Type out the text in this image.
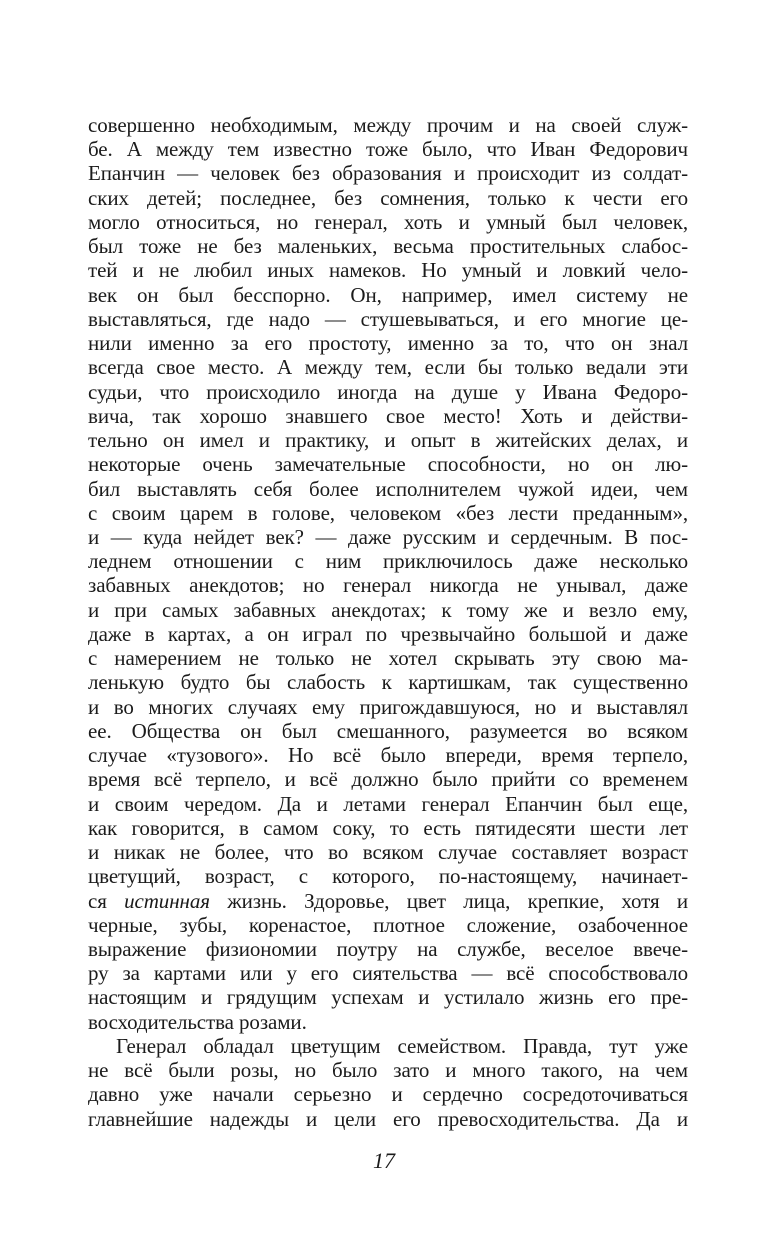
совершенно необходимым, между прочим и на своей служ-
бе. А между тем известно тоже было, что Иван Федорович
Епанчин — человек без образования и происходит из солдат-
ских детей; последнее, без сомнения, только к чести его
могло относиться, но генерал, хоть и умный был человек,
был тоже не без маленьких, весьма простительных слабос-
тей и не любил иных намеков. Но умный и ловкий чело-
век он был бесспорно. Он, например, имел систему не
выставляться, где надо — стушевываться, и его многие це-
нили именно за его простоту, именно за то, что он знал
всегда свое место. А между тем, если бы только ведали эти
судьи, что происходило иногда на душе у Ивана Федоро-
вича, так хорошо знавшего свое место! Хоть и действи-
тельно он имел и практику, и опыт в житейских делах, и
некоторые очень замечательные способности, но он лю-
бил выставлять себя более исполнителем чужой идеи, чем
с своим царем в голове, человеком «без лести преданным»,
и — куда нейдет век? — даже русским и сердечным. В пос-
леднем отношении с ним приключилось даже несколько
забавных анекдотов; но генерал никогда не унывал, даже
и при самых забавных анекдотах; к тому же и везло ему,
даже в картах, а он играл по чрезвычайно большой и даже
с намерением не только не хотел скрывать эту свою ма-
ленькую будто бы слабость к картишкам, так существенно
и во многих случаях ему пригождавшуюся, но и выставлял
ее. Общества он был смешанного, разумеется во всяком
случае «тузового». Но всё было впереди, время терпело,
время всё терпело, и всё должно было прийти со временем
и своим чередом. Да и летами генерал Епанчин был еще,
как говорится, в самом соку, то есть пятидесяти шести лет
и никак не более, что во всяком случае составляет возраст
цветущий, возраст, с которого, по-настоящему, начинает-
ся истинная жизнь. Здоровье, цвет лица, крепкие, хотя и
черные, зубы, коренастое, плотное сложение, озабоченное
выражение физиономии поутру на службе, веселое ввече-
ру за картами или у его сиятельства — всё способствовало
настоящим и грядущим успехам и устилало жизнь его пре-
восходительства розами.
Генерал обладал цветущим семейством. Правда, тут уже
не всё были розы, но было зато и много такого, на чем
давно уже начали серьезно и сердечно сосредоточиваться
главнейшие надежды и цели его превосходительства. Да и
17
